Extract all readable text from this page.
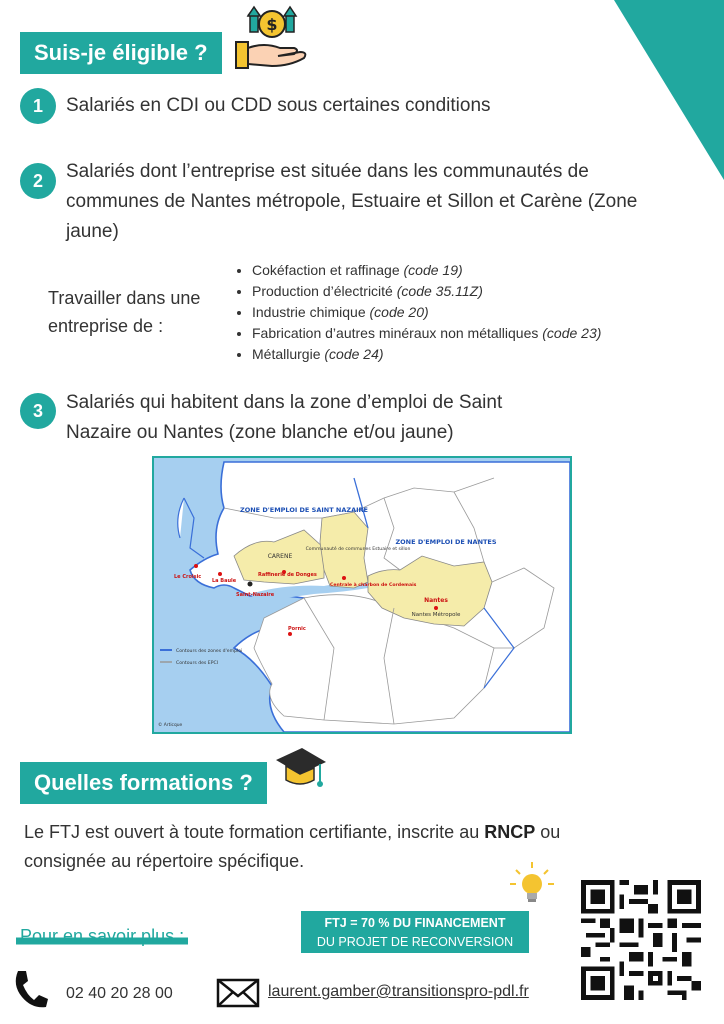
Suis-je éligible ?
$
1	Salariés en CDI ou CDD sous certaines conditions
2	Salariés dont l’entreprise est située dans les communautés de communes de Nantes métropole, Estuaire et Sillon et Carène (Zone jaune)
Travailler dans une entreprise de :
• Cokéfaction et raffinage (code 19)
• Production d’électricité (code 35.11Z)
• Industrie chimique (code 20)
• Fabrication d’autres minéraux non métalliques (code 23)
• Métallurgie (code 24)
3	Salariés qui habitent dans la zone d’emploi de Saint Nazaire ou Nantes (zone blanche et/ou jaune)
ZONE D'EMPLOI DE SAINT NAZAIRE
ZONE D'EMPLOI DE NANTES
CARENE
Communauté de communes Estuaire et sillon
Nantes
Nantes Métropole
Le Croisic
La Baule
Saint-Nazaire
Raffinerie de Donges
Centrale à charbon de Cordemais
Pornic
Contours des zones d'emploi
Contours des EPCI
© Articque
Quelles formations ?
Le FTJ est ouvert à toute formation certifiante, inscrite au RNCP ou consignée au répertoire spécifique.
Pour en savoir plus :
FTJ = 70 % DU FINANCEMENT
DU PROJET DE RECONVERSION
02 40 20 28 00	laurent.gamber@transitionspro-pdl.fr
